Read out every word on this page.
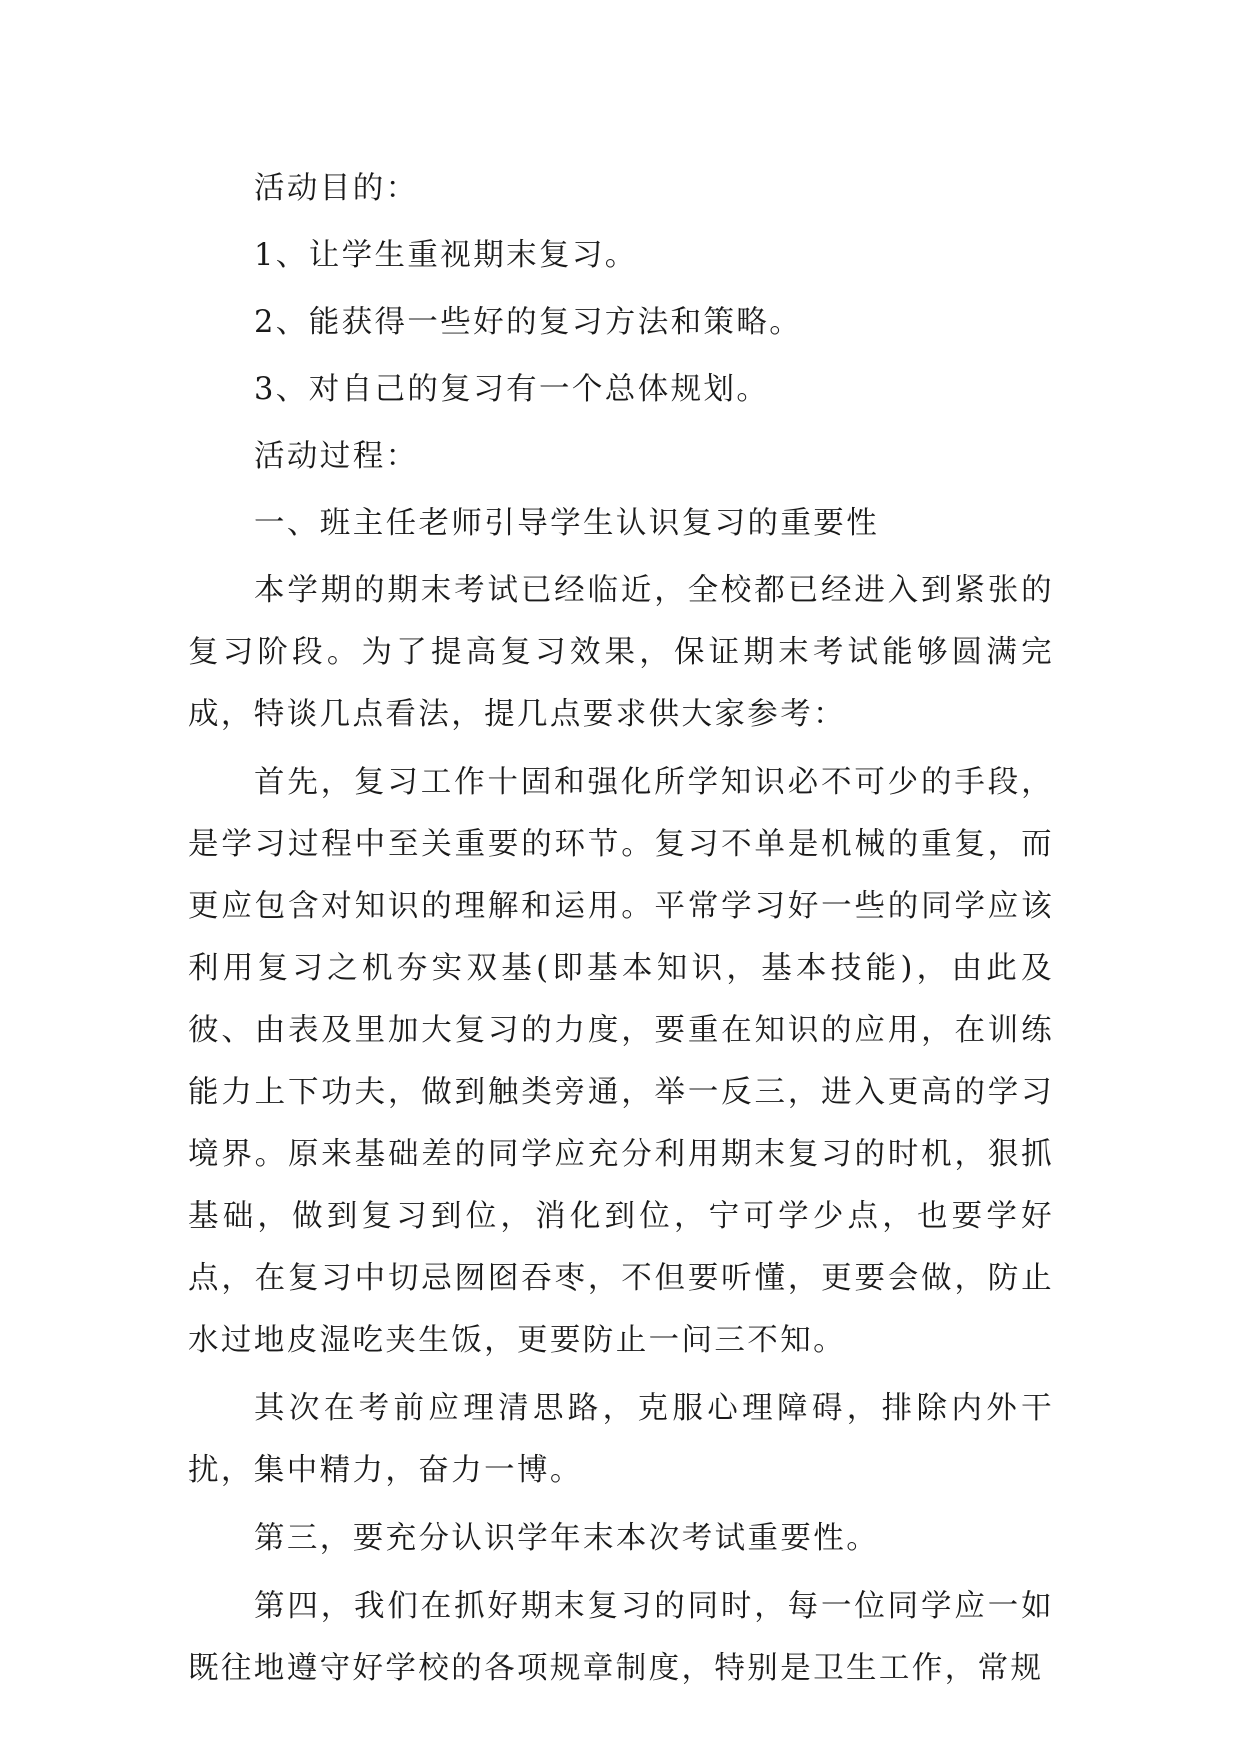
活动目的：

1、让学生重视期末复习。

2、能获得一些好的复习方法和策略。

3、对自己的复习有一个总体规划。

活动过程：

一、班主任老师引导学生认识复习的重要性

本学期的期末考试已经临近，全校都已经进入到紧张的复习阶段。为了提高复习效果，保证期末考试能够圆满完成，特谈几点看法，提几点要求供大家参考：

首先，复习工作十固和强化所学知识必不可少的手段，是学习过程中至关重要的环节。复习不单是机械的重复，而更应包含对知识的理解和运用。平常学习好一些的同学应该利用复习之机夯实双基(即基本知识，基本技能)，由此及彼、由表及里加大复习的力度，要重在知识的应用，在训练能力上下功夫，做到触类旁通，举一反三，进入更高的学习境界。原来基础差的同学应充分利用期末复习的时机，狠抓基础，做到复习到位，消化到位，宁可学少点，也要学好点，在复习中切忌囫囵吞枣，不但要听懂，更要会做，防止水过地皮湿吃夹生饭，更要防止一问三不知。

其次在考前应理清思路，克服心理障碍，排除内外干扰，集中精力，奋力一博。

第三，要充分认识学年末本次考试重要性。

第四，我们在抓好期末复习的同时，每一位同学应一如既往地遵守好学校的各项规章制度，特别是卫生工作，常规
